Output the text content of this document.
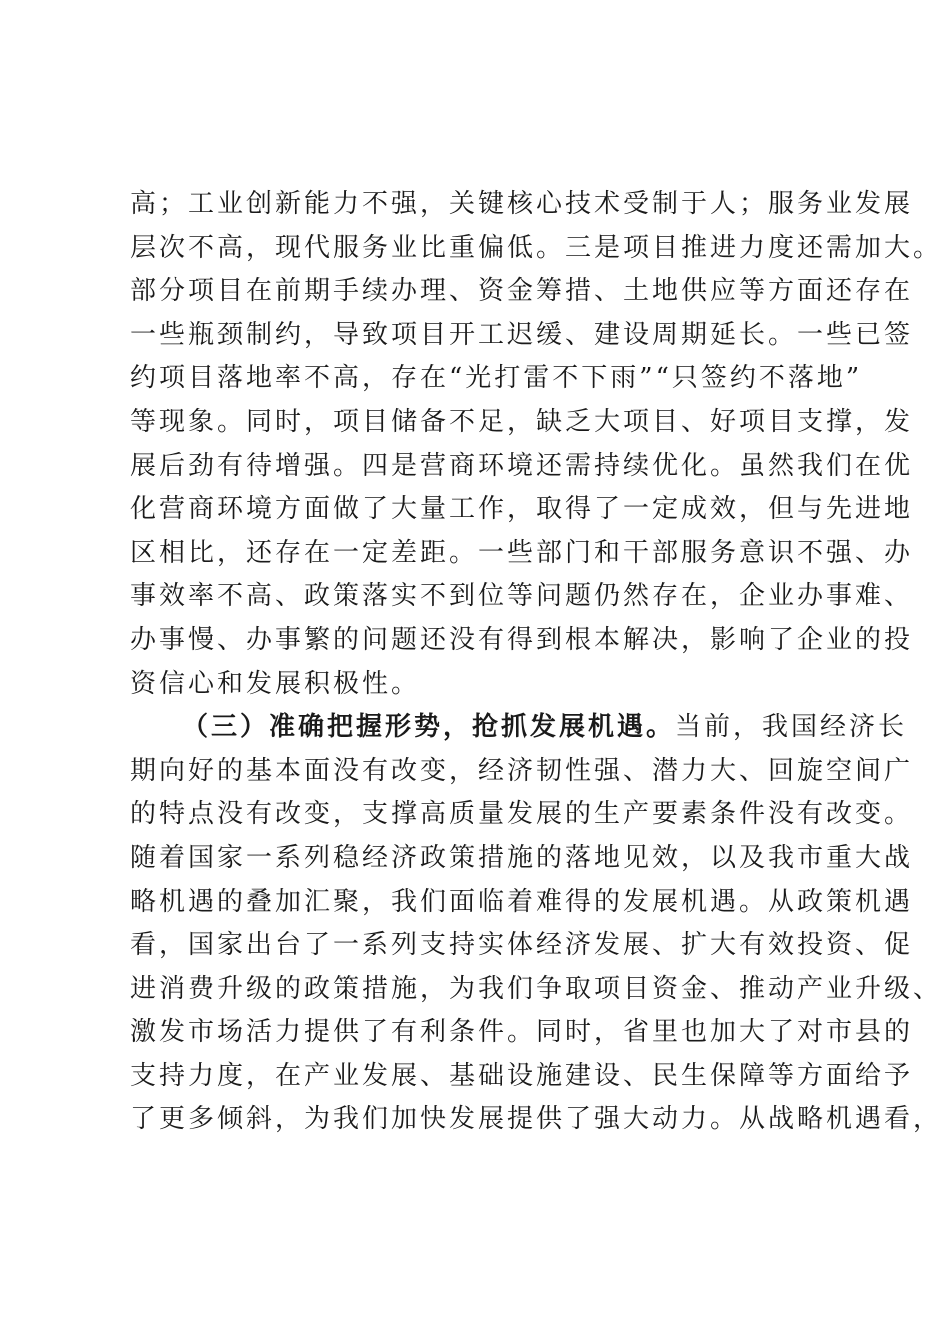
高；工业创新能力不强，关键核心技术受制于人；服务业发展
层次不高，现代服务业比重偏低。三是项目推进力度还需加大。
部分项目在前期手续办理、资金筹措、土地供应等方面还存在
一些瓶颈制约，导致项目开工迟缓、建设周期延长。一些已签
约项目落地率不高，存在“光打雷不下雨”“只签约不落地”
等现象。同时，项目储备不足，缺乏大项目、好项目支撑，发
展后劲有待增强。四是营商环境还需持续优化。虽然我们在优
化营商环境方面做了大量工作，取得了一定成效，但与先进地
区相比，还存在一定差距。一些部门和干部服务意识不强、办
事效率不高、政策落实不到位等问题仍然存在，企业办事难、
办事慢、办事繁的问题还没有得到根本解决，影响了企业的投
资信心和发展积极性。
（三）准确把握形势，抢抓发展机遇。当前，我国经济长
期向好的基本面没有改变，经济韧性强、潜力大、回旋空间广
的特点没有改变，支撑高质量发展的生产要素条件没有改变。
随着国家一系列稳经济政策措施的落地见效，以及我市重大战
略机遇的叠加汇聚，我们面临着难得的发展机遇。从政策机遇
看，国家出台了一系列支持实体经济发展、扩大有效投资、促
进消费升级的政策措施，为我们争取项目资金、推动产业升级、
激发市场活力提供了有利条件。同时，省里也加大了对市县的
支持力度，在产业发展、基础设施建设、民生保障等方面给予
了更多倾斜，为我们加快发展提供了强大动力。从战略机遇看，
